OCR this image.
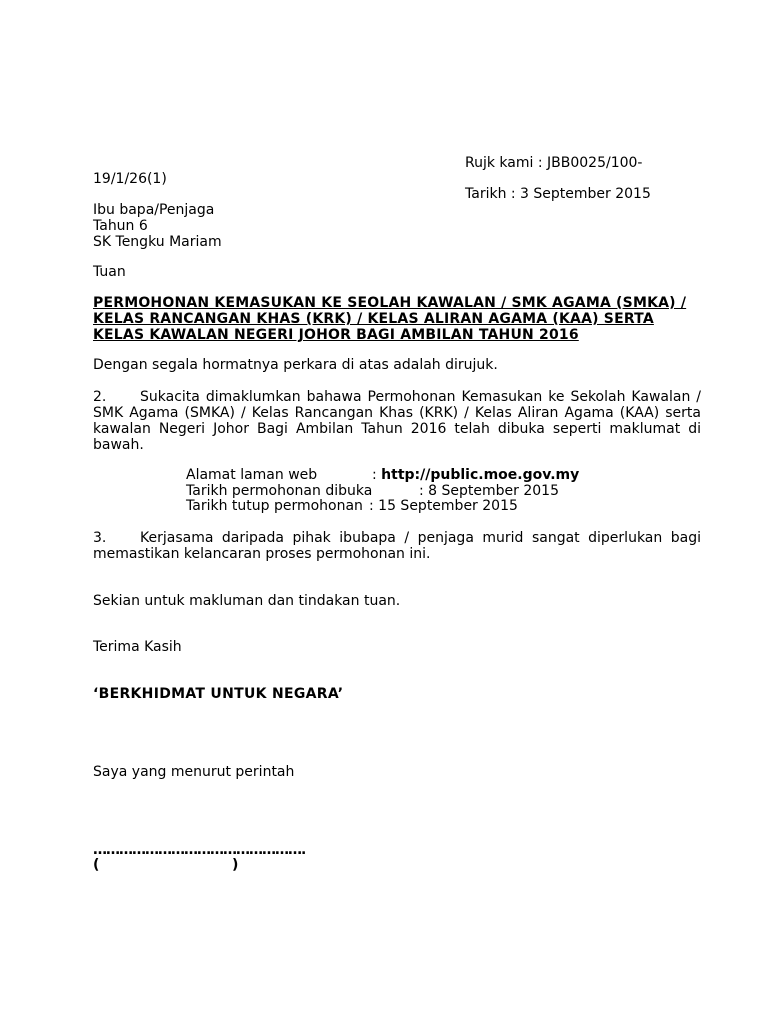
Rujk kami : JBB0025/100-
19/1/26(1)
Tarikh : 3 September 2015
Ibu bapa/Penjaga
Tahun 6
SK Tengku Mariam
Tuan
PERMOHONAN KEMASUKAN KE SEOLAH KAWALAN / SMK AGAMA (SMKA) /
KELAS RANCANGAN KHAS (KRK) / KELAS ALIRAN AGAMA (KAA) SERTA
KELAS KAWALAN NEGERI JOHOR BAGI AMBILAN TAHUN 2016
Dengan segala hormatnya perkara di atas adalah dirujuk.
2. Sukacita dimaklumkan bahawa Permohonan Kemasukan ke Sekolah Kawalan / SMK Agama (SMKA) / Kelas Rancangan Khas (KRK) / Kelas Aliran Agama (KAA) serta kawalan Negeri Johor Bagi Ambilan Tahun 2016 telah dibuka seperti maklumat di bawah.
Alamat laman web	: http://public.moe.gov.my
Tarikh permohonan dibuka	: 8 September 2015
Tarikh tutup permohonan : 15 September 2015
3. Kerjasama daripada pihak ibubapa / penjaga murid sangat diperlukan bagi memastikan kelancaran proses permohonan ini.
Sekian untuk makluman dan tindakan tuan.
Terima Kasih
‘BERKHIDMAT UNTUK NEGARA’
Saya yang menurut perintah
………………………………………….
(	)
